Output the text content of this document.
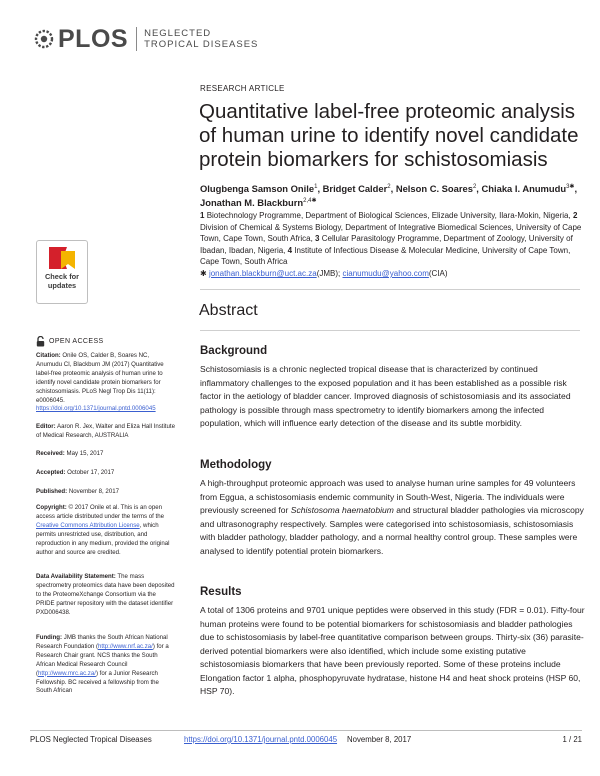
PLOS NEGLECTED
TROPICAL DISEASES
RESEARCH ARTICLE
Quantitative label-free proteomic analysis of human urine to identify novel candidate protein biomarkers for schistosomiasis
Olugbenga Samson Onile$^1$, Bridget Calder$^2$, Nelson C. Soares$^2$, Chiaka I. Anumudu$^{3✱}$,
Jonathan M. Blackburn$^{2,4✱}$
1 Biotechnology Programme, Department of Biological Sciences, Elizade University, Ilara-Mokin, Nigeria, 2 Division of Chemical & Systems Biology, Department of Integrative Biomedical Sciences, University of Cape Town, Cape Town, South Africa, 3 Cellular Parasitology Programme, Department of Zoology, University of Ibadan, Ibadan, Nigeria, 4 Institute of Infectious Disease & Molecular Medicine, University of Cape Town, Cape Town, South Africa
✱ jonathan.blackburn@uct.ac.za(JMB); cianumudu@yahoo.com(CIA)
Abstract
Background

Schistosomiasis is a chronic neglected tropical disease that is characterized by continued inflammatory challenges to the exposed population and it has been established as a possible risk factor in the aetiology of bladder cancer. Improved diagnosis of schistosomiasis and its associated pathology is possible through mass spectrometry to identify biomarkers among the infected population, which will influence early detection of the disease and its subtle morbidity.

Methodology

A high-throughput proteomic approach was used to analyse human urine samples for 49 volunteers from Eggua, a schistosomiasis endemic community in South-West, Nigeria. The individuals were previously screened for Schistosoma haematobium and structural bladder pathologies via microscopy and ultrasonography respectively. Samples were categorised into schistosomiasis, schistosomiasis with bladder pathology, bladder pathology, and a normal healthy control group. These samples were analysed to identify potential protein biomarkers.

Results

A total of 1306 proteins and 9701 unique peptides were observed in this study (FDR = 0.01). Fifty-four human proteins were found to be potential biomarkers for schistosomiasis and bladder pathologies due to schistosomiasis by label-free quantitative comparison between groups. Thirty-six (36) parasite-derived potential biomarkers were also identified, which include some existing putative schistosomiasis biomarkers that have been previously reported. Some of these proteins include Elongation factor 1 alpha, phosphopyruvate hydratase, histone H4 and heat shock proteins (HSP 60, HSP 70).

Check for
updates
OPEN ACCESS

Citation: Onile OS, Calder B, Soares NC, Anumudu CI, Blackburn JM (2017) Quantitative label-free proteomic analysis of human urine to identify novel candidate protein biomarkers for schistosomiasis. PLoS Negl Trop Dis 11(11): e0006045. https://doi.org/10.1371/journal.pntd.0006045

Editor: Aaron R. Jex, Walter and Eliza Hall Institute of Medical Research, AUSTRALIA

Received: May 15, 2017

Accepted: October 17, 2017

Published: November 8, 2017

Copyright: © 2017 Onile et al. This is an open access article distributed under the terms of the Creative Commons Attribution License, which permits unrestricted use, distribution, and reproduction in any medium, provided the original author and source are credited.

Data Availability Statement: The mass spectrometry proteomics data have been deposited to the ProteomeXchange Consortium via the PRIDE partner repository with the dataset identifier PXD006438.

Funding: JMB thanks the South African National Research Foundation (http://www.nrf.ac.za/) for a Research Chair grant. NCS thanks the South African Medical Research Council (http://www.mrc.ac.za/) for a Junior Research Fellowship. BC received a fellowship from the South African

PLOS Neglected Tropical Diseases	https://doi.org/10.1371/journal.pntd.0006045 November 8, 2017	1 / 21
